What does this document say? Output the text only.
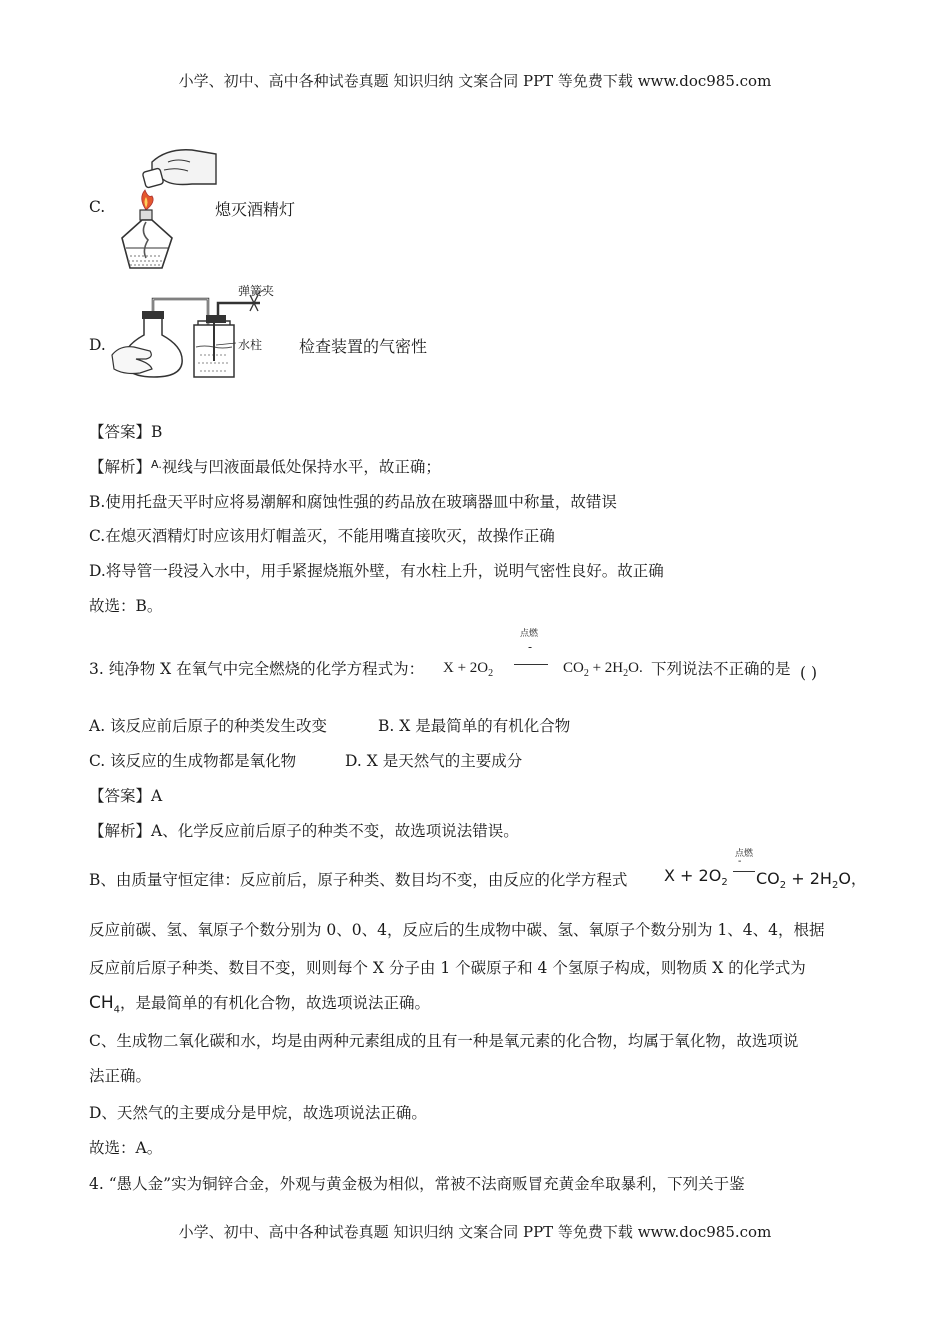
小学、初中、高中各种试卷真题 知识归纳 文案合同 PPT 等免费下载 www.doc985.com
C.	熄灭酒精灯
D.
弹簧夹
水柱 检查装置的气密性
【答案】B
【解析】$^{A.}$视线与凹液面最低处保持水平，故正确；
B.使用托盘天平时应将易潮解和腐蚀性强的药品放在玻璃器皿中称量，故错误
C.在熄灭酒精灯时应该用灯帽盖灭，不能用嘴直接吹灭，故操作正确
D.将导管一段浸入水中，用手紧握烧瓶外壁，有水柱上升，说明气密性良好。故正确
故选：B。
3. 纯净物 X 在氧气中完全燃烧的化学方程式为：
点燃
-
$X + 2O_2$	$CO_2 + 2H_2O$. 下列说法不正确的是 ( )
A. 该反应前后原子的种类发生改变	B. X 是最简单的有机化合物
C. 该反应的生成物都是氧化物	D. X 是天然气的主要成分
【答案】A
【解析】A、化学反应前后原子的种类不变，故选项说法错误。
B、由质量守恒定律：反应前后，原子种类、数目均不变，由反应的化学方程式
点燃
-
$X + 2O_2$ $CO_2 + 2H_2O$，
反应前碳、氢、氧原子个数分别为 0、0、4，反应后的生成物中碳、氢、氧原子个数分别为 1、4、4，根据
反应前后原子种类、数目不变，则则每个 X 分子由 1 个碳原子和 4 个氢原子构成，则物质 X 的化学式为
$CH_4$，是最简单的有机化合物，故选项说法正确。
C、生成物二氧化碳和水，均是由两种元素组成的且有一种是氧元素的化合物，均属于氧化物，故选项说
法正确。
D、天然气的主要成分是甲烷，故选项说法正确。
故选：A。
4. “愚人金”实为铜锌合金，外观与黄金极为相似，常被不法商贩冒充黄金牟取暴利，下列关于鉴
小学、初中、高中各种试卷真题 知识归纳 文案合同 PPT 等免费下载 www.doc985.com
